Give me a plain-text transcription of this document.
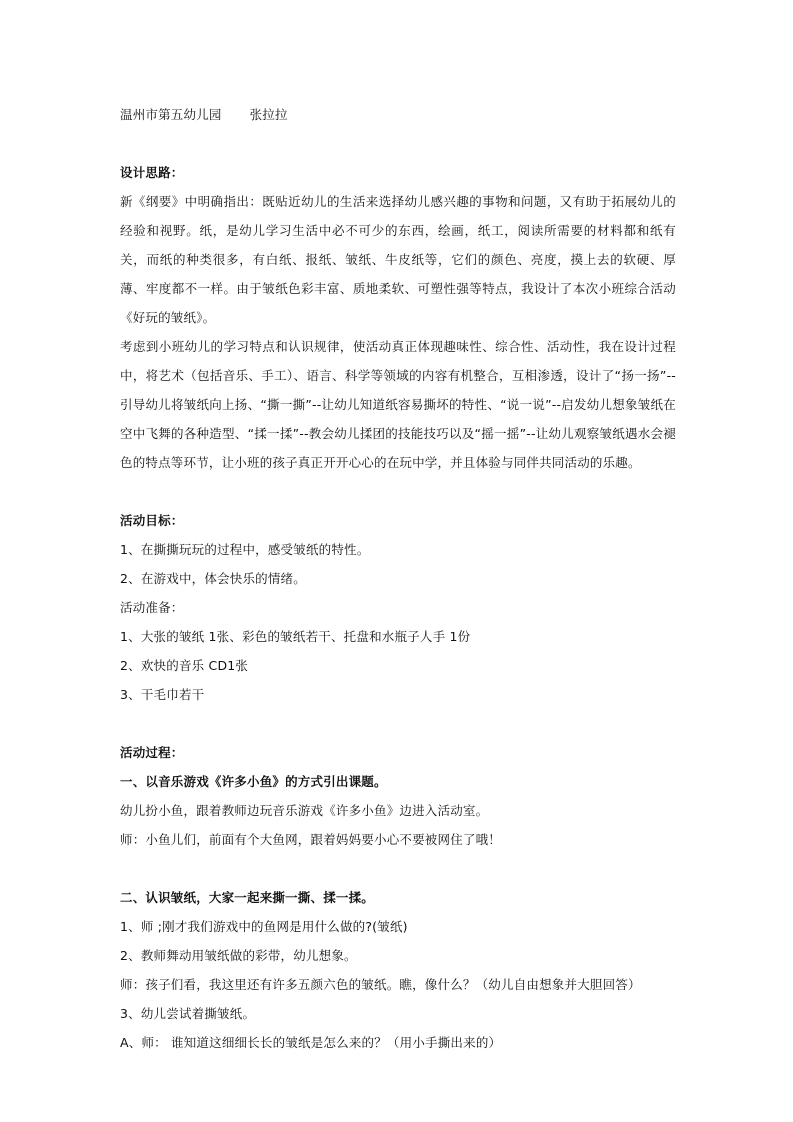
温州市第五幼儿园 张拉拉
设计思路：
新《纲要》中明确指出：既贴近幼儿的生活来选择幼儿感兴趣的事物和问题，又有助于拓展幼儿的经验和视野。纸，是幼儿学习生活中必不可少的东西，绘画，纸工，阅读所需要的材料都和纸有关，而纸的种类很多，有白纸、报纸、皱纸、牛皮纸等，它们的颜色、亮度，摸上去的软硬、厚薄、牢度都不一样。由于皱纸色彩丰富、质地柔软、可塑性强等特点，我设计了本次小班综合活动《好玩的皱纸》。
考虑到小班幼儿的学习特点和认识规律，使活动真正体现趣味性、综合性、活动性，我在设计过程中，将艺术（包括音乐、手工）、语言、科学等领域的内容有机整合，互相渗透，设计了“扬一扬”--引导幼儿将皱纸向上扬、“撕一撕”--让幼儿知道纸容易撕坏的特性、“说一说”--启发幼儿想象皱纸在空中飞舞的各种造型、“揉一揉”--教会幼儿揉团的技能技巧以及“摇一摇”--让幼儿观察皱纸遇水会褪色的特点等环节，让小班的孩子真正开开心心的在玩中学，并且体验与同伴共同活动的乐趣。
活动目标：
1、在撕撕玩玩的过程中，感受皱纸的特性。
2、在游戏中，体会快乐的情绪。
活动准备：
1、大张的皱纸 1张、彩色的皱纸若干、托盘和水瓶子人手 1份
2、欢快的音乐 CD1张
3、干毛巾若干
活动过程：
一、以音乐游戏《许多小鱼》的方式引出课题。
幼儿扮小鱼，跟着教师边玩音乐游戏《许多小鱼》边进入活动室。
师：小鱼儿们，前面有个大鱼网，跟着妈妈要小心不要被网住了哦！
二、认识皱纸，大家一起来撕一撕、揉一揉。
1、师 ;刚才我们游戏中的鱼网是用什么做的?(皱纸)
2、教师舞动用皱纸做的彩带，幼儿想象。
师：孩子们看，我这里还有许多五颜六色的皱纸。瞧，像什么？（幼儿自由想象并大胆回答）
3、幼儿尝试着撕皱纸。
A、师： 谁知道这细细长长的皱纸是怎么来的？（用小手撕出来的）
